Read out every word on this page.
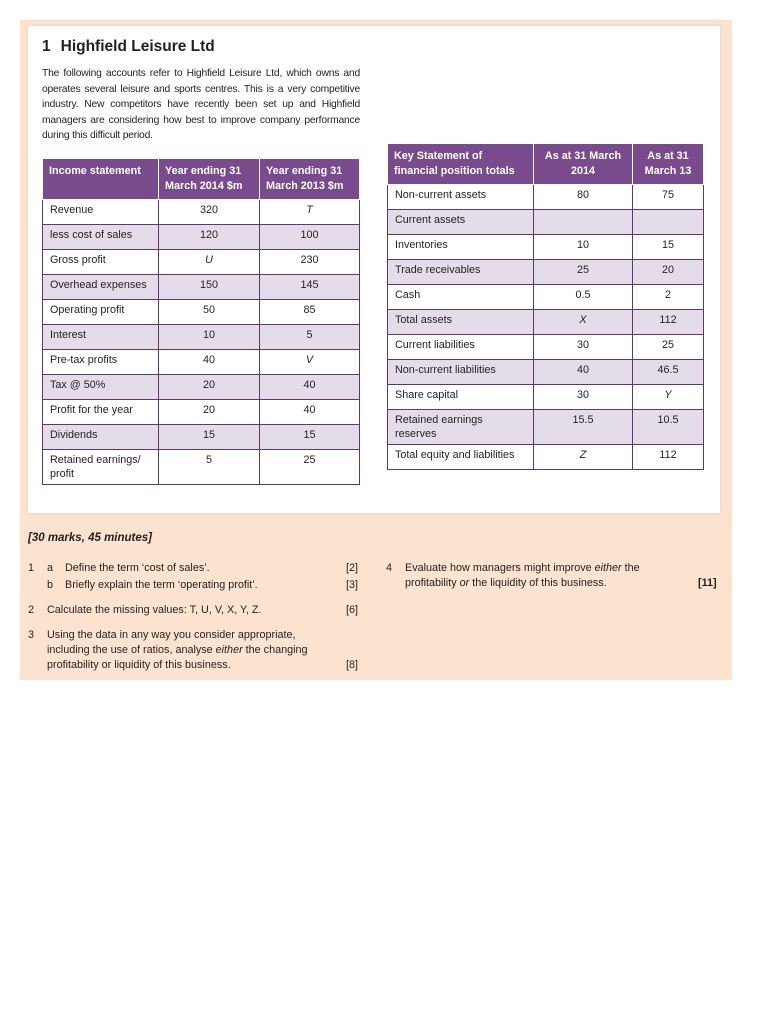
1 Highfield Leisure Ltd

The following accounts refer to Highfield Leisure Ltd, which owns and operates several leisure and sports centres. This is a very competitive industry. New competitors have recently been set up and Highfield managers are considering how best to improve company performance during this difficult period.

Income statement	Year ending 31 March 2014 $m	Year ending 31 March 2013 $m
Revenue	320	T
less cost of sales	120	100
Gross profit	U	230
Overhead expenses	150	145
Operating profit	50	85
Interest	10	5
Pre-tax profits	40	V
Tax @ 50%	20	40
Profit for the year	20	40
Dividends	15	15
Retained earnings/ profit	5	25
Key Statement of financial position totals	As at 31 March 2014	As at 31 March 13
Non-current assets	80	75
Current assets		
Inventories	10	15
Trade receivables	25	20
Cash	0.5	2
Total assets	X	112
Current liabilities	30	25
Non-current liabilities	40	46.5
Share capital	30	Y
Retained earnings reserves	15.5	10.5
Total equity and liabilities	Z	112

[30 marks, 45 minutes]

1 a Define the term ‘cost of sales’.	[2]
b Briefly explain the term ‘operating profit’.	[3]
2 Calculate the missing values: T, U, V, X, Y, Z.	[6]
3 Using the data in any way you consider appropriate,
including the use of ratios, analyse either the changing
profitability or liquidity of this business.	[8]
4 Evaluate how managers might improve either the
profitability or the liquidity of this business.	[11]
